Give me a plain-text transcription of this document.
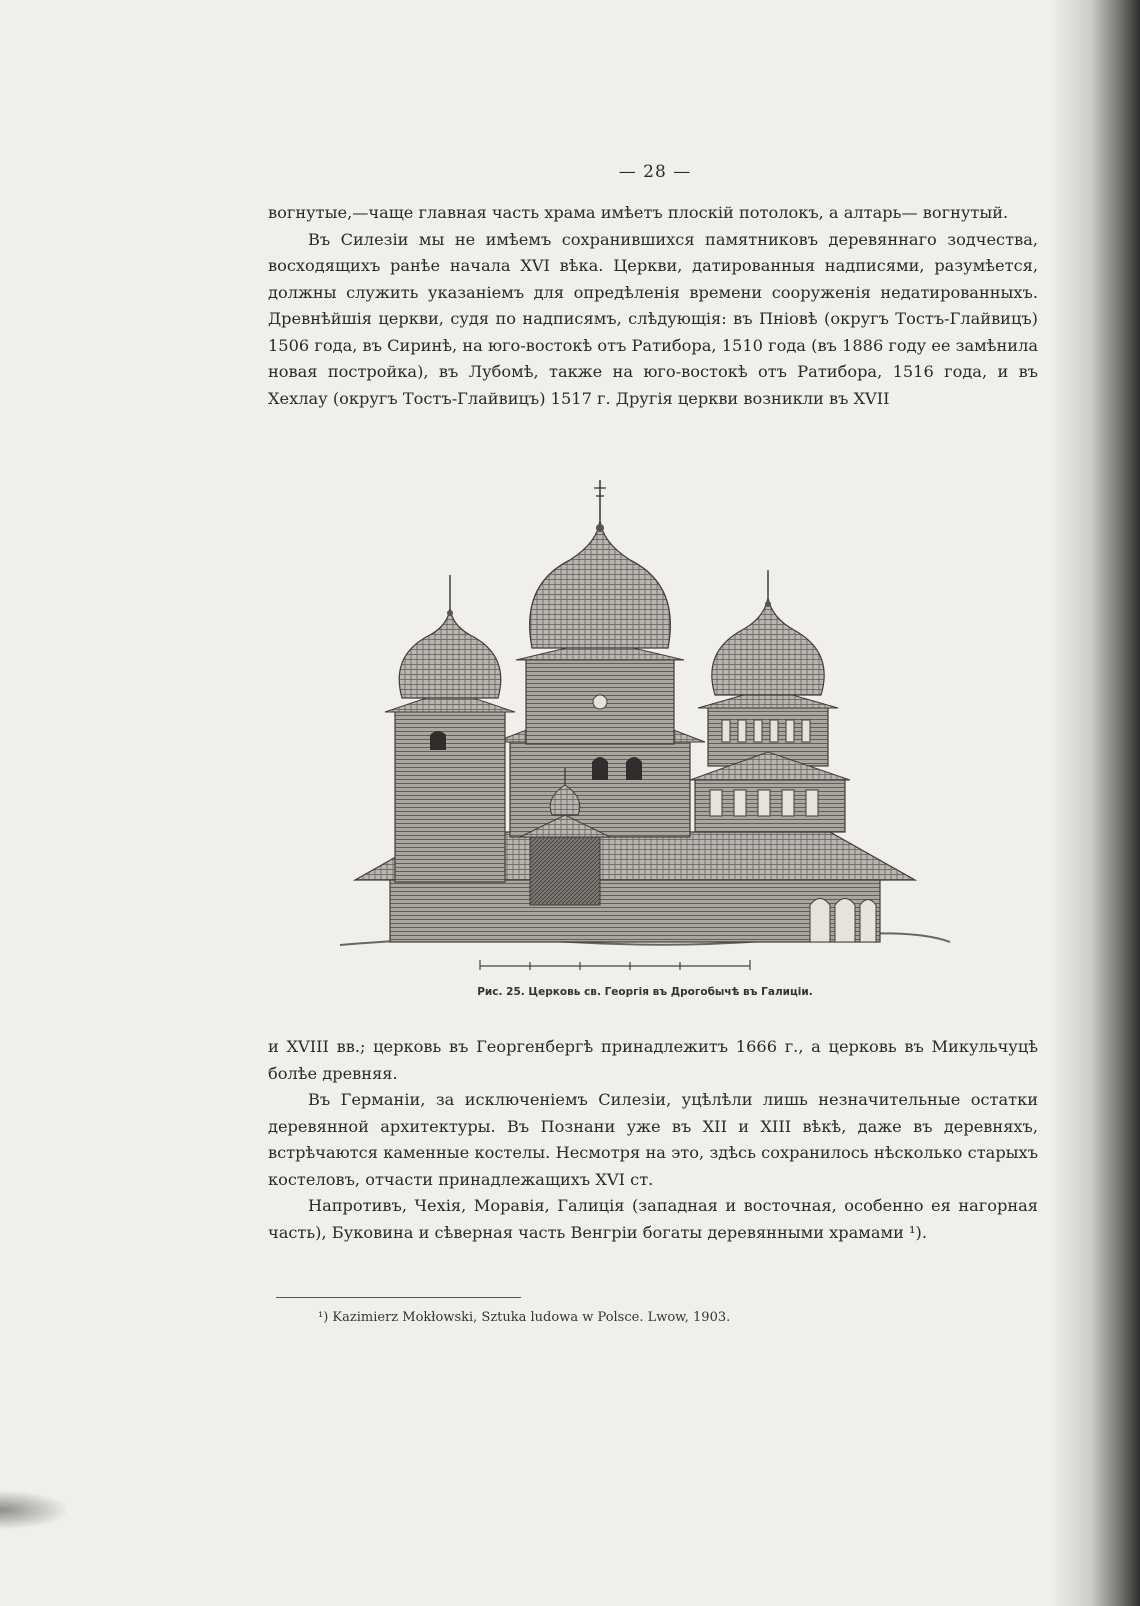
— 28 —

вогнутые,—чаще главная часть храма имѣетъ плоскій потолокъ, а алтарь— вогнутый.

Въ Силезіи мы не имѣемъ сохранившихся памятниковъ деревяннаго зодчества, восходящихъ ранѣе начала XVI вѣка. Церкви, датированныя надписями, разумѣется, должны служить указаніемъ для опредѣленія времени сооруженія недатированныхъ. Древнѣйшія церкви, судя по надписямъ, слѣдующія: въ Пніовѣ (округъ Тостъ-Глайвицъ) 1506 года, въ Сиринѣ, на юго-востокѣ отъ Ратибора, 1510 года (въ 1886 году ее замѣнила новая постройка), въ Лубомѣ, также на юго-востокѣ отъ Ратибора, 1516 года, и въ Хехлау (округъ Тостъ-Глайвицъ) 1517 г. Другія церкви возникли въ XVII

Рис. 25. Церковь св. Георгія въ Дрогобычѣ въ Галиціи.

и XVIII вв.; церковь въ Георгенбергѣ принадлежитъ 1666 г., а церковь въ Микульчуцѣ болѣе древняя.

Въ Германіи, за исключеніемъ Силезіи, уцѣлѣли лишь незначительные остатки деревянной архитектуры. Въ Познани уже въ XII и XIII вѣкѣ, даже въ деревняхъ, встрѣчаются каменные костелы. Несмотря на это, здѣсь сохранилось нѣсколько старыхъ костеловъ, отчасти принадлежащихъ XVI ст.

Напротивъ, Чехія, Моравія, Галиція (западная и восточная, особенно ея нагорная часть), Буковина и сѣверная часть Венгріи богаты деревянными храмами ¹).

¹) Kazimierz Mokłowski, Sztuka ludowa w Polsce. Lwow, 1903.
